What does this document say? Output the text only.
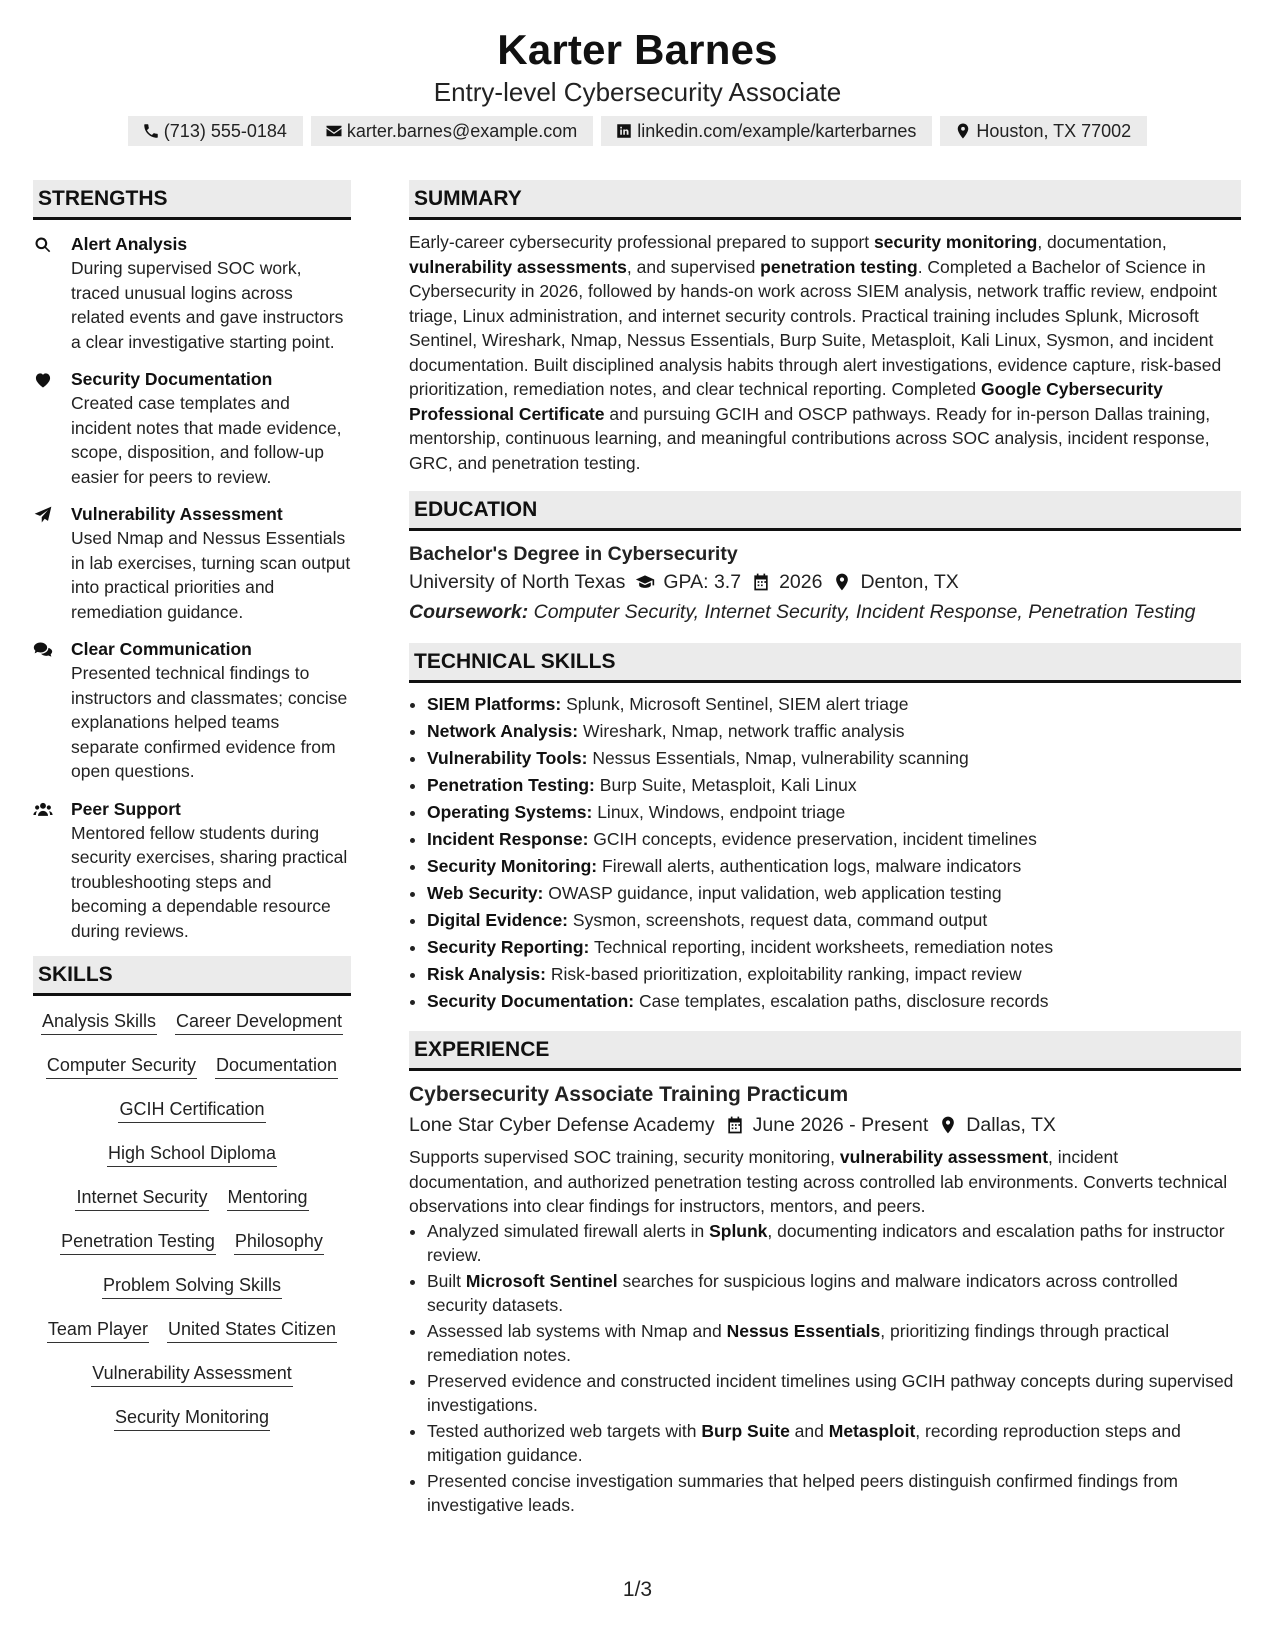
Karter Barnes
Entry-level Cybersecurity Associate
(713) 555-0184	karter.barnes@example.com	linkedin.com/example/karterbarnes	Houston, TX 77002
STRENGTHS
Alert Analysis
During supervised SOC work, traced unusual logins across related events and gave instructors a clear investigative starting point.
Security Documentation
Created case templates and incident notes that made evidence, scope, disposition, and follow-up easier for peers to review.
Vulnerability Assessment
Used Nmap and Nessus Essentials in lab exercises, turning scan output into practical priorities and remediation guidance.
Clear Communication
Presented technical findings to instructors and classmates; concise explanations helped teams separate confirmed evidence from open questions.
Peer Support
Mentored fellow students during security exercises, sharing practical troubleshooting steps and becoming a dependable resource during reviews.
SKILLS
Analysis Skills Career Development
Computer Security Documentation
GCIH Certification
High School Diploma
Internet Security Mentoring
Penetration Testing Philosophy
Problem Solving Skills
Team Player United States Citizen
Vulnerability Assessment
Security Monitoring
SUMMARY

Early-career cybersecurity professional prepared to support security monitoring, documentation, vulnerability assessments, and supervised penetration testing. Completed a Bachelor of Science in Cybersecurity in 2026, followed by hands-on work across SIEM analysis, network traffic review, endpoint triage, Linux administration, and internet security controls. Practical training includes Splunk, Microsoft Sentinel, Wireshark, Nmap, Nessus Essentials, Burp Suite, Metasploit, Kali Linux, Sysmon, and incident documentation. Built disciplined analysis habits through alert investigations, evidence capture, risk-based prioritization, remediation notes, and clear technical reporting. Completed Google Cybersecurity Professional Certificate and pursuing GCIH and OSCP pathways. Ready for in-person Dallas training, mentorship, continuous learning, and meaningful contributions across SOC analysis, incident response, GRC, and penetration testing.

EDUCATION
Bachelor's Degree in Cybersecurity
University of North Texas GPA: 3.7 2026 Denton, TX
Coursework: Computer Security, Internet Security, Incident Response, Penetration Testing
TECHNICAL SKILLS
• SIEM Platforms: Splunk, Microsoft Sentinel, SIEM alert triage
• Network Analysis: Wireshark, Nmap, network traffic analysis
• Vulnerability Tools: Nessus Essentials, Nmap, vulnerability scanning
• Penetration Testing: Burp Suite, Metasploit, Kali Linux
• Operating Systems: Linux, Windows, endpoint triage
• Incident Response: GCIH concepts, evidence preservation, incident timelines
• Security Monitoring: Firewall alerts, authentication logs, malware indicators
• Web Security: OWASP guidance, input validation, web application testing
• Digital Evidence: Sysmon, screenshots, request data, command output
• Security Reporting: Technical reporting, incident worksheets, remediation notes
• Risk Analysis: Risk-based prioritization, exploitability ranking, impact review
• Security Documentation: Case templates, escalation paths, disclosure records
EXPERIENCE
Cybersecurity Associate Training Practicum
Lone Star Cyber Defense Academy June 2026 - Present Dallas, TX

Supports supervised SOC training, security monitoring, vulnerability assessment, incident documentation, and authorized penetration testing across controlled lab environments. Converts technical observations into clear findings for instructors, mentors, and peers.

• Analyzed simulated firewall alerts in Splunk, documenting indicators and escalation paths for instructor review.
• Built Microsoft Sentinel searches for suspicious logins and malware indicators across controlled security datasets.
• Assessed lab systems with Nmap and Nessus Essentials, prioritizing findings through practical remediation notes.
• Preserved evidence and constructed incident timelines using GCIH pathway concepts during supervised investigations.
• Tested authorized web targets with Burp Suite and Metasploit, recording reproduction steps and mitigation guidance.
• Presented concise investigation summaries that helped peers distinguish confirmed findings from investigative leads.
1/3
